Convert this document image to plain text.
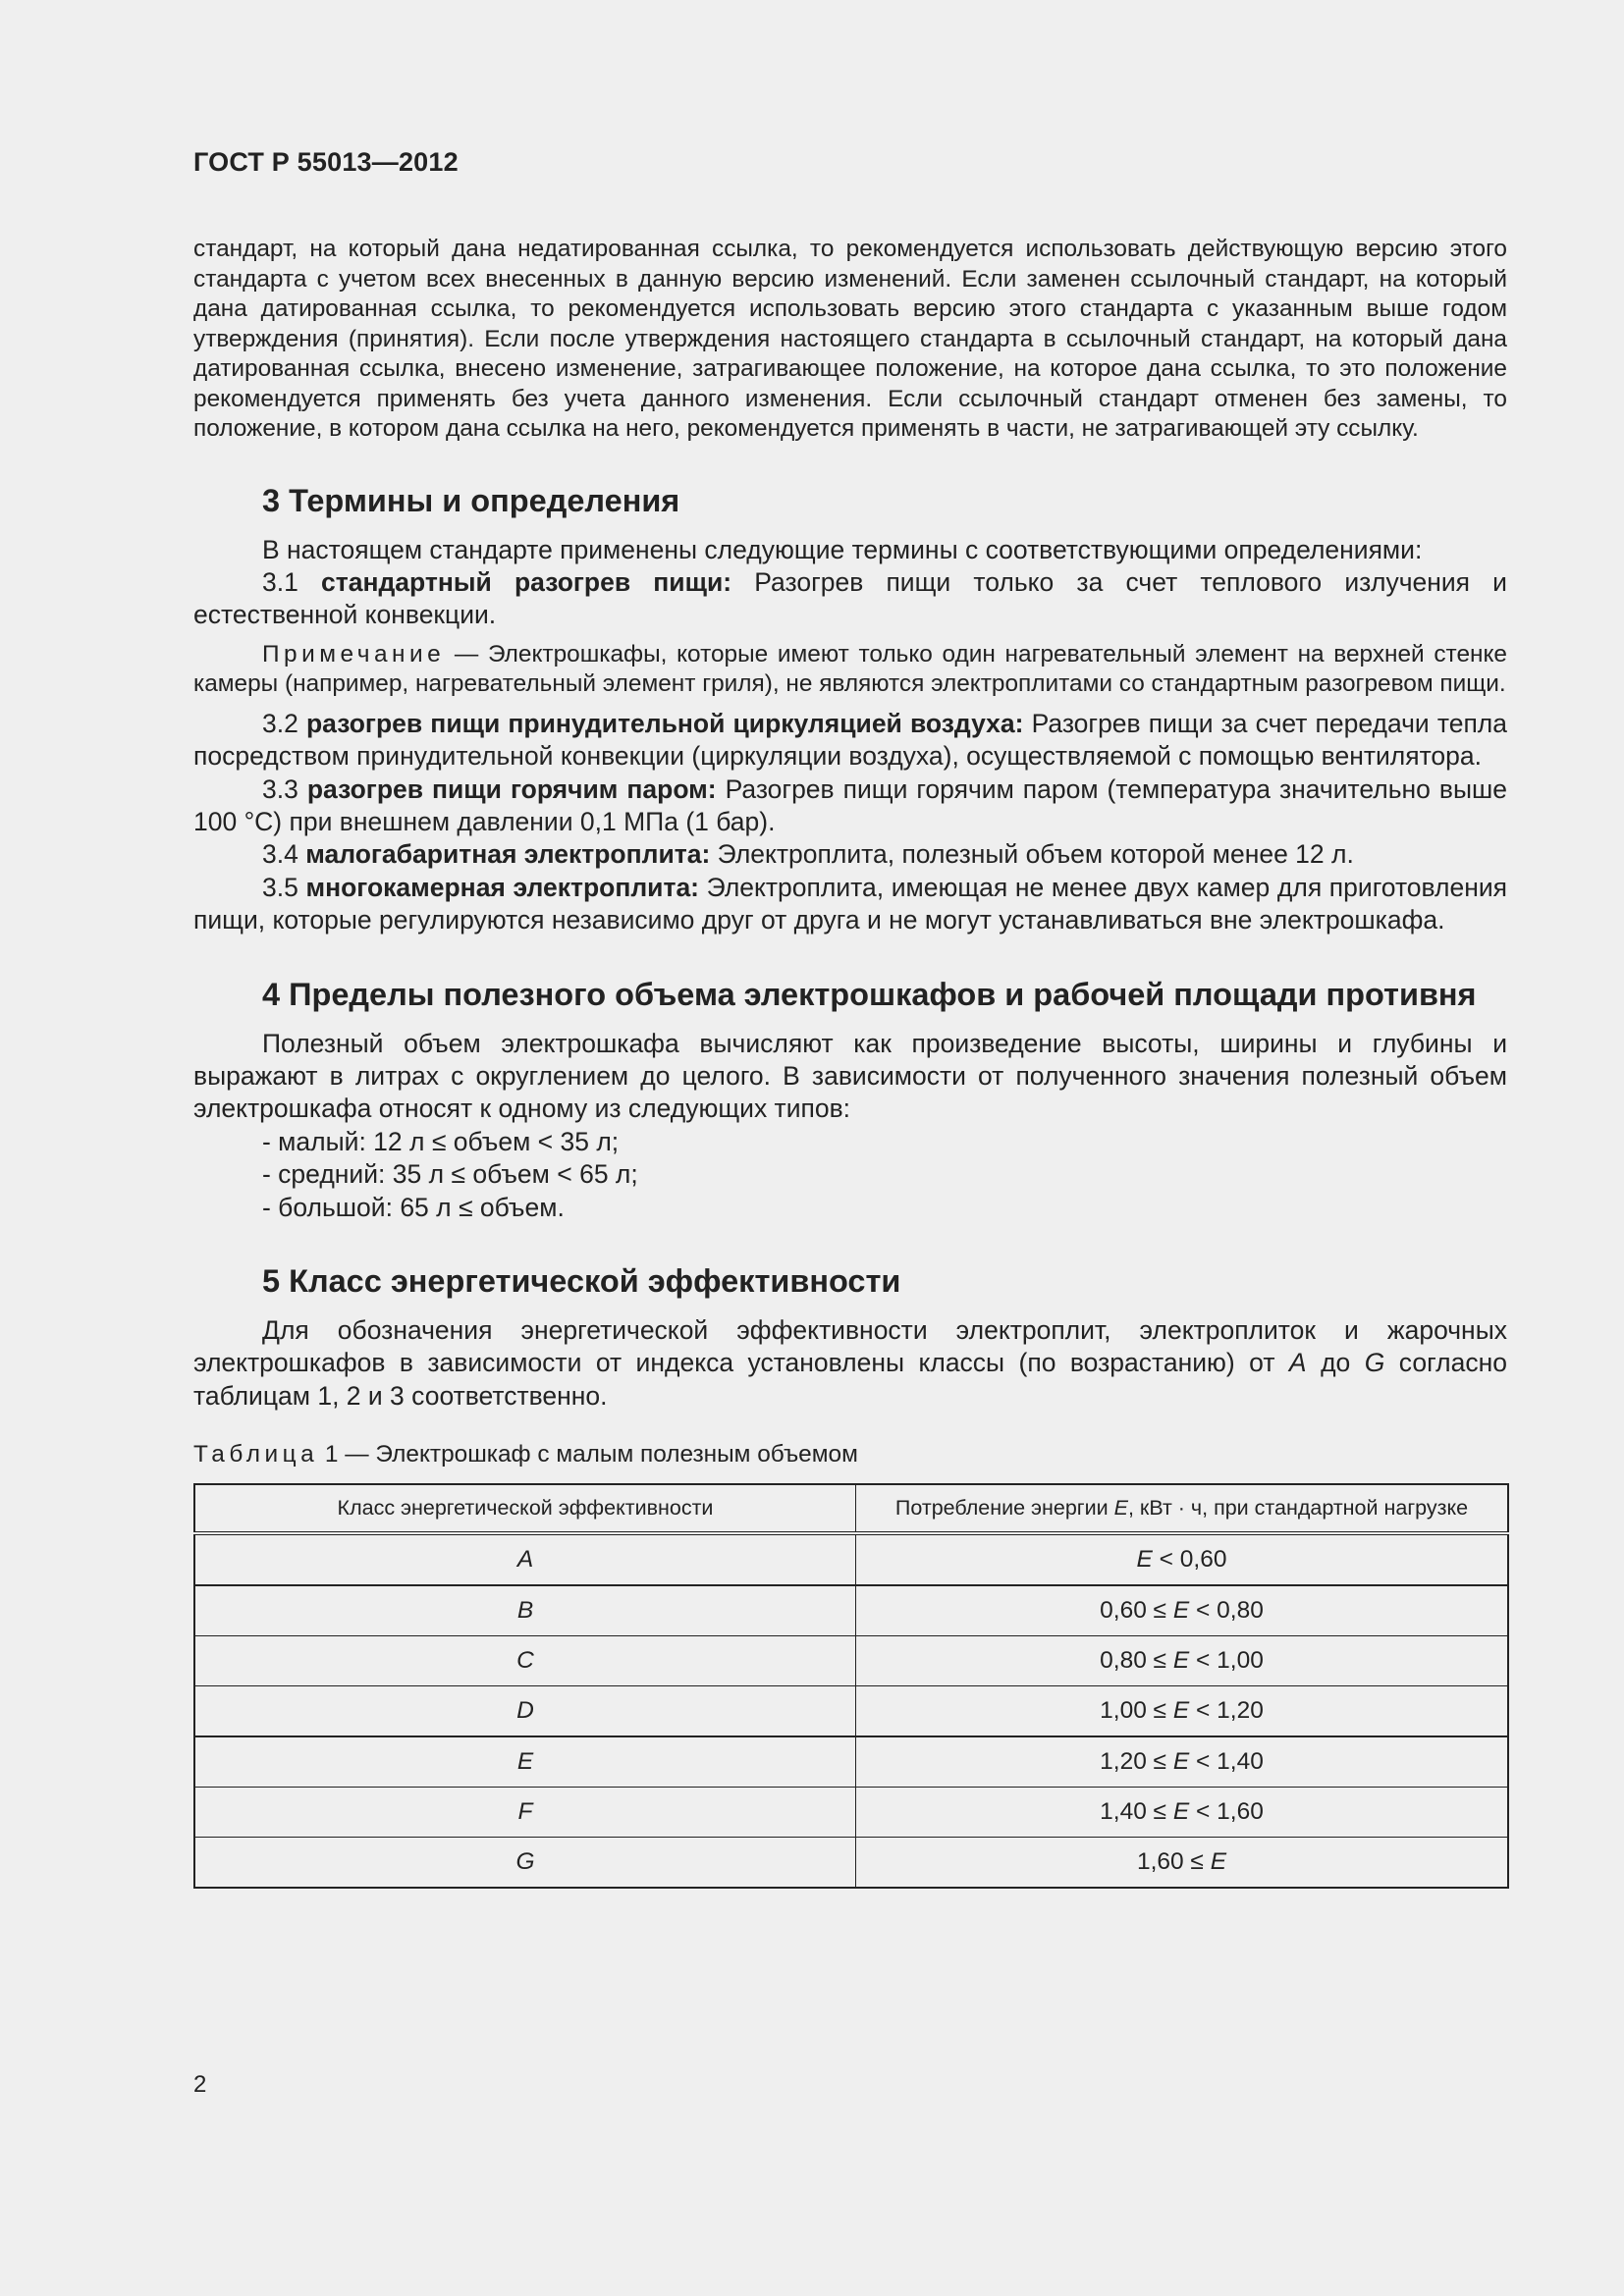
ГОСТ Р 55013—2012

стандарт, на который дана недатированная ссылка, то рекомендуется использовать действующую версию этого стандарта с учетом всех внесенных в данную версию изменений. Если заменен ссылочный стандарт, на который дана датированная ссылка, то рекомендуется использовать версию этого стандарта с указанным выше годом утверждения (принятия). Если после утверждения настоящего стандарта в ссылочный стандарт, на который дана датированная ссылка, внесено изменение, затрагивающее положение, на которое дана ссылка, то это положение рекомендуется применять без учета данного изменения. Если ссылочный стандарт отменен без замены, то положение, в котором дана ссылка на него, рекомендуется применять в части, не затрагивающей эту ссылку.

3 Термины и определения

В настоящем стандарте применены следующие термины с соответствующими определениями:

3.1 стандартный разогрев пищи: Разогрев пищи только за счет теплового излучения и естественной конвекции.

Примечание — Электрошкафы, которые имеют только один нагревательный элемент на верхней стенке камеры (например, нагревательный элемент гриля), не являются электроплитами со стандартным разогревом пищи.

3.2 разогрев пищи принудительной циркуляцией воздуха: Разогрев пищи за счет передачи тепла посредством принудительной конвекции (циркуляции воздуха), осуществляемой с помощью вентилятора.

3.3 разогрев пищи горячим паром: Разогрев пищи горячим паром (температура значительно выше 100 °С) при внешнем давлении 0,1 МПа (1 бар).

3.4 малогабаритная электроплита: Электроплита, полезный объем которой менее 12 л.

3.5 многокамерная электроплита: Электроплита, имеющая не менее двух камер для приготовления пищи, которые регулируются независимо друг от друга и не могут устанавливаться вне электрошкафа.

4 Пределы полезного объема электрошкафов и рабочей площади противня

Полезный объем электрошкафа вычисляют как произведение высоты, ширины и глубины и выражают в литрах с округлением до целого. В зависимости от полученного значения полезный объем электрошкафа относят к одному из следующих типов:

- малый: 12 л ≤ объем < 35 л;

- средний: 35 л ≤ объем < 65 л;

- большой: 65 л ≤ объем.

5 Класс энергетической эффективности

Для обозначения энергетической эффективности электроплит, электроплиток и жарочных электрошкафов в зависимости от индекса установлены классы (по возрастанию) от A до G согласно таблицам 1, 2 и 3 соответственно.

Таблица 1 — Электрошкаф с малым полезным объемом

Класс энергетической эффективности	Потребление энергии E, кВт · ч, при стандартной нагрузке
A	E < 0,60
B	0,60 ≤ E < 0,80
C	0,80 ≤ E < 1,00
D	1,00 ≤ E < 1,20
E	1,20 ≤ E < 1,40
F	1,40 ≤ E < 1,60
G	1,60 ≤ E
2
